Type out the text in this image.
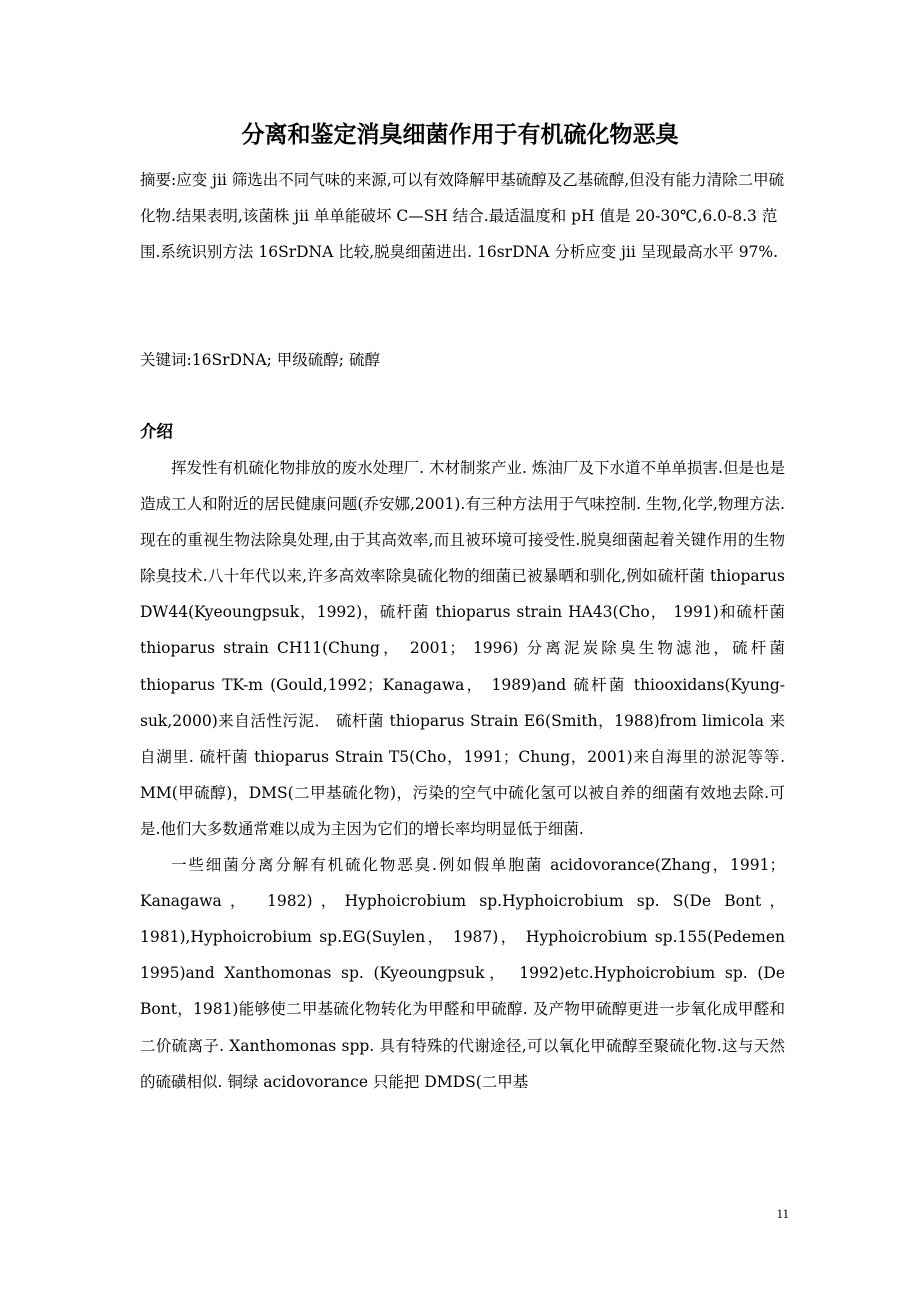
分离和鉴定消臭细菌作用于有机硫化物恶臭

摘要:应变 jii 筛选出不同气味的来源,可以有效降解甲基硫醇及乙基硫醇,但没有能力清除二甲硫化物.结果表明,该菌株 jii 单单能破坏 C—SH 结合.最适温度和 pH 值是 20-30℃,6.0-8.3 范围.系统识别方法 16SrDNA 比较,脱臭细菌进出. 16srDNA 分析应变 jii 呈现最高水平 97%.

关键词:16SrDNA; 甲级硫醇; 硫醇

介绍

挥发性有机硫化物排放的废水处理厂. 木材制浆产业. 炼油厂及下水道不单单损害.但是也是造成工人和附近的居民健康问题(乔安娜,2001).有三种方法用于气味控制. 生物,化学,物理方法. 现在的重视生物法除臭处理,由于其高效率,而且被环境可接受性.脱臭细菌起着关键作用的生物除臭技术.八十年代以来,许多高效率除臭硫化物的细菌已被暴晒和驯化,例如硫杆菌 thioparus DW44(Kyeoungpsuk，1992)，硫杆菌 thioparus strain HA43(Cho， 1991)和硫杆菌 thioparus strain CH11(Chung， 2001； 1996) 分离泥炭除臭生物滤池，硫杆菌 thioparus TK-m (Gould,1992；Kanagawa， 1989)and 硫杆菌 thiooxidans(Kyung-suk,2000)来自活性污泥． 硫杆菌 thioparus Strain E6(Smith，1988)from limicola 来自湖里. 硫杆菌 thioparus Strain T5(Cho，1991；Chung，2001)来自海里的淤泥等等. MM(甲硫醇)，DMS(二甲基硫化物)，污染的空气中硫化氢可以被自养的细菌有效地去除.可是.他们大多数通常难以成为主因为它们的增长率均明显低于细菌.

一些细菌分离分解有机硫化物恶臭.例如假单胞菌 acidovorance(Zhang，1991； Kanagawa， 1982)，Hyphoicrobium sp.Hyphoicrobium sp. S(De Bont，1981),Hyphoicrobium sp.EG(Suylen， 1987)， Hyphoicrobium sp.155(Pedemen 1995)and Xanthomonas sp. (Kyeoungpsuk， 1992)etc.Hyphoicrobium sp. (De Bont，1981)能够使二甲基硫化物转化为甲醛和甲硫醇. 及产物甲硫醇更进一步氧化成甲醛和二价硫离子. Xanthomonas spp. 具有特殊的代谢途径,可以氧化甲硫醇至聚硫化物.这与天然的硫磺相似. 铜绿 acidovorance 只能把 DMDS(二甲基

11
